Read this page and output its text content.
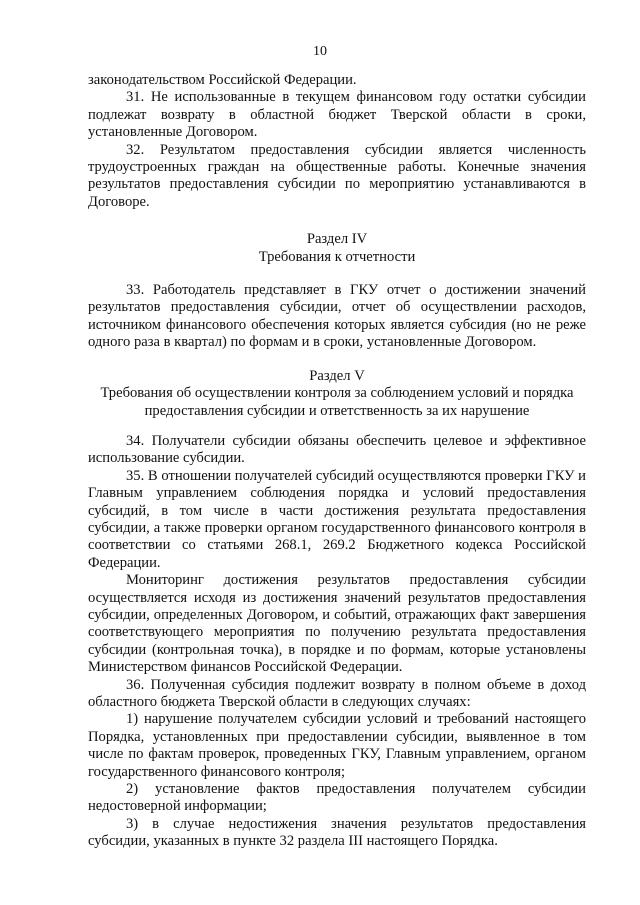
10

законодательством Российской Федерации.

31. Не использованные в текущем финансовом году остатки субсидии подлежат возврату в областной бюджет Тверской области в сроки, установленные Договором.

32. Результатом предоставления субсидии является численность трудоустроенных граждан на общественные работы. Конечные значения результатов предоставления субсидии по мероприятию устанавливаются в Договоре.

Раздел IV

Требования к отчетности

33. Работодатель представляет в ГКУ отчет о достижении значений результатов предоставления субсидии, отчет об осуществлении расходов, источником финансового обеспечения которых является субсидия (но не реже одного раза в квартал) по формам и в сроки, установленные Договором.

Раздел V

Требования об осуществлении контроля за соблюдением условий и порядка

предоставления субсидии и ответственность за их нарушение

34. Получатели субсидии обязаны обеспечить целевое и эффективное использование субсидии.

35. В отношении получателей субсидий осуществляются проверки ГКУ и Главным управлением соблюдения порядка и условий предоставления субсидий, в том числе в части достижения результата предоставления субсидии, а также проверки органом государственного финансового контроля в соответствии со статьями 268.1, 269.2 Бюджетного кодекса Российской Федерации.

Мониторинг достижения результатов предоставления субсидии осуществляется исходя из достижения значений результатов предоставления субсидии, определенных Договором, и событий, отражающих факт завершения соответствующего мероприятия по получению результата предоставления субсидии (контрольная точка), в порядке и по формам, которые установлены Министерством финансов Российской Федерации.

36. Полученная субсидия подлежит возврату в полном объеме в доход областного бюджета Тверской области в следующих случаях:

1) нарушение получателем субсидии условий и требований настоящего Порядка, установленных при предоставлении субсидии, выявленное в том числе по фактам проверок, проведенных ГКУ, Главным управлением, органом государственного финансового контроля;

2) установление фактов предоставления получателем субсидии недостоверной информации;

3) в случае недостижения значения результатов предоставления субсидии, указанных в пункте 32 раздела III настоящего Порядка.
